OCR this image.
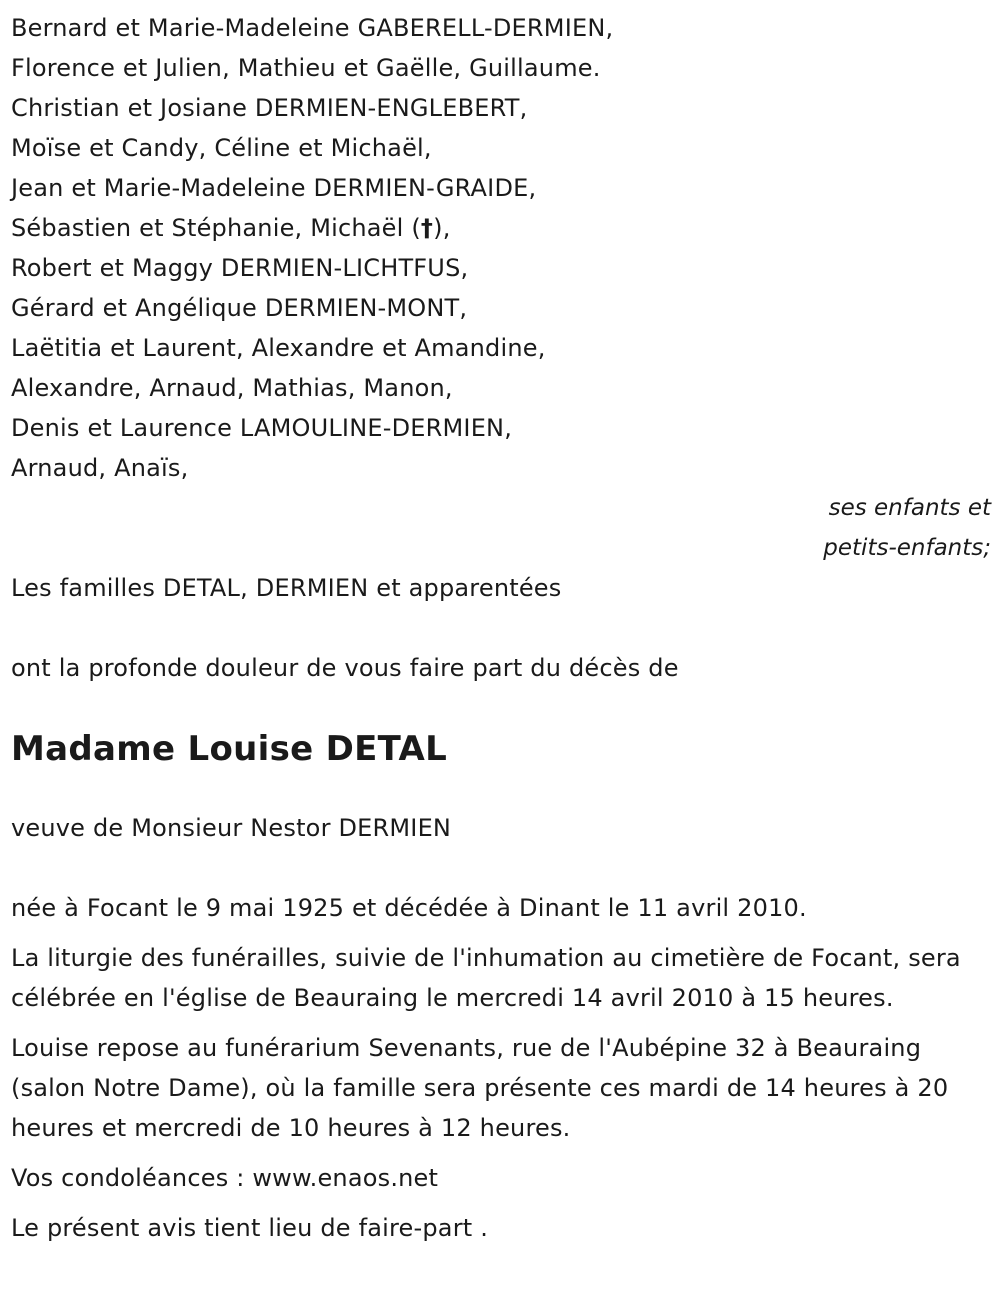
Bernard et Marie-Madeleine GABERELL-DERMIEN,
Florence et Julien, Mathieu et Gaëlle, Guillaume.
Christian et Josiane DERMIEN-ENGLEBERT,
Moïse et Candy, Céline et Michaël,
Jean et Marie-Madeleine DERMIEN-GRAIDE,
Sébastien et Stéphanie, Michaël (†),
Robert et Maggy DERMIEN-LICHTFUS,
Gérard et Angélique DERMIEN-MONT,
Laëtitia et Laurent, Alexandre et Amandine,
Alexandre, Arnaud, Mathias, Manon,
Denis et Laurence LAMOULINE-DERMIEN,
Arnaud, Anaïs,
ses enfants et
petits-enfants;
Les familles DETAL, DERMIEN et apparentées
ont la profonde douleur de vous faire part du décès de
Madame Louise DETAL
veuve de Monsieur Nestor DERMIEN

née à Focant le 9 mai 1925 et décédée à Dinant le 11 avril 2010.

La liturgie des funérailles, suivie de l'inhumation au cimetière de Focant, sera célébrée en l'église de Beauraing le mercredi 14 avril 2010 à 15 heures.

Louise repose au funérarium Sevenants, rue de l'Aubépine 32 à Beauraing (salon Notre Dame), où la famille sera présente ces mardi de 14 heures à 20 heures et mercredi de 10 heures à 12 heures.

Vos condoléances : www.enaos.net

Le présent avis tient lieu de faire-part .
